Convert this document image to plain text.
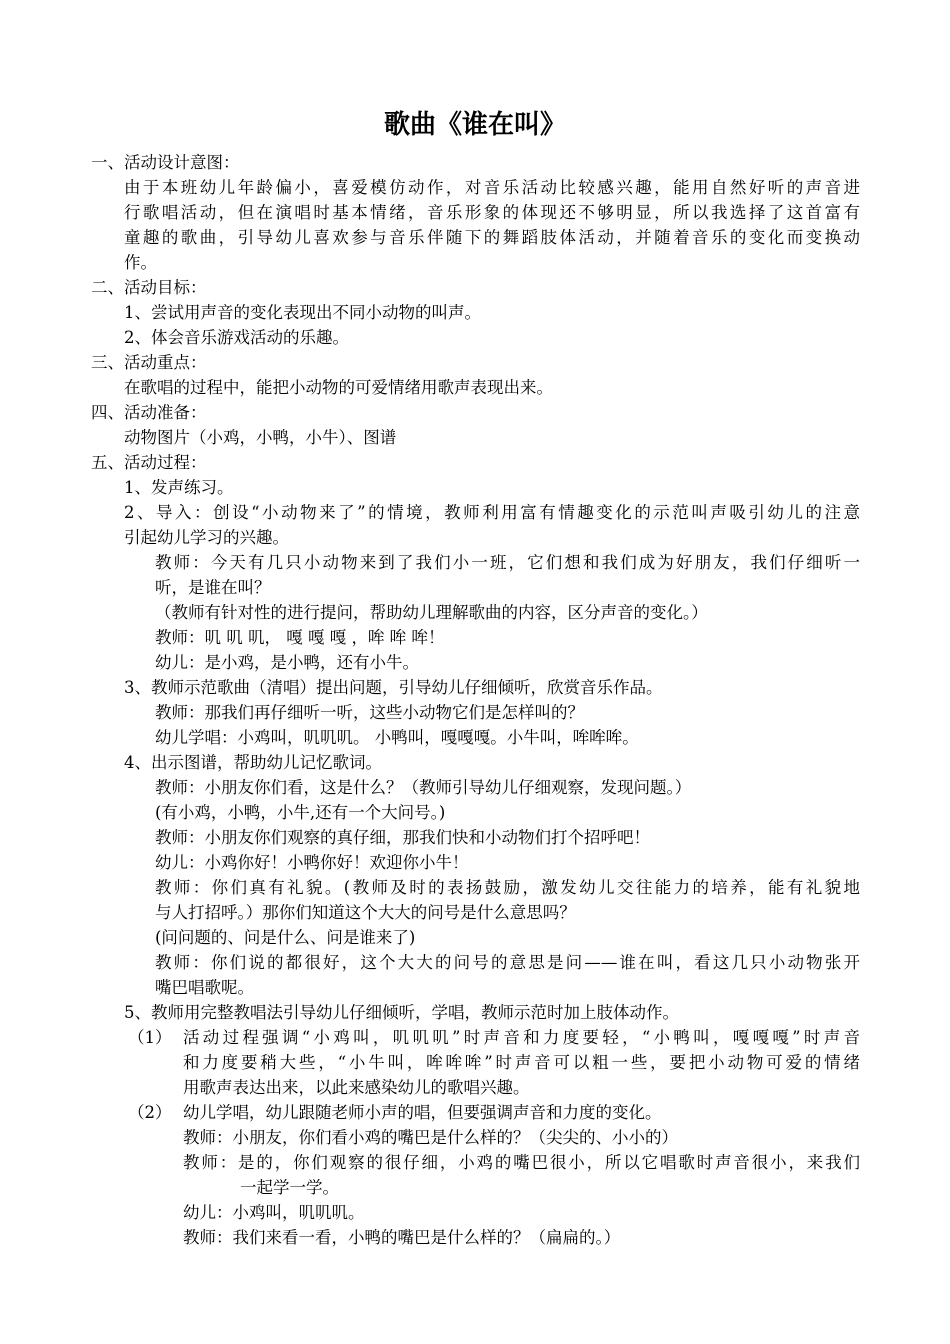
歌曲《谁在叫》
一、活动设计意图：
由于本班幼儿年龄偏小，喜爱模仿动作，对音乐活动比较感兴趣，能用自然好听的声音进
行歌唱活动，但在演唱时基本情绪，音乐形象的体现还不够明显，所以我选择了这首富有
童趣的歌曲，引导幼儿喜欢参与音乐伴随下的舞蹈肢体活动，并随着音乐的变化而变换动
作。
二、活动目标：
1、尝试用声音的变化表现出不同小动物的叫声。
2、体会音乐游戏活动的乐趣。
三、活动重点：
在歌唱的过程中，能把小动物的可爱情绪用歌声表现出来。
四、活动准备：
动物图片（小鸡，小鸭，小牛）、图谱
五、活动过程：
1、发声练习。
2、导入：创设“小动物来了”的情境，教师利用富有情趣变化的示范叫声吸引幼儿的注意
引起幼儿学习的兴趣。
教师：今天有几只小动物来到了我们小一班，它们想和我们成为好朋友，我们仔细听一
听，是谁在叫？
（教师有针对性的进行提问，帮助幼儿理解歌曲的内容，区分声音的变化。）
教师：叽 叽 叽， 嘎 嘎 嘎 ，哞 哞 哞！
幼儿：是小鸡，是小鸭，还有小牛。
3、教师示范歌曲（清唱）提出问题，引导幼儿仔细倾听，欣赏音乐作品。
教师：那我们再仔细听一听，这些小动物它们是怎样叫的？
幼儿学唱：小鸡叫，叽叽叽。 小鸭叫，嘎嘎嘎。小牛叫，哞哞哞。
4、出示图谱，帮助幼儿记忆歌词。
教师：小朋友你们看，这是什么？（教师引导幼儿仔细观察，发现问题。）
(有小鸡，小鸭，小牛,还有一个大问号。)
教师：小朋友你们观察的真仔细，那我们快和小动物们打个招呼吧！
幼儿：小鸡你好！小鸭你好！欢迎你小牛！
教师：你们真有礼貌。(教师及时的表扬鼓励，激发幼儿交往能力的培养，能有礼貌地
与人打招呼。）那你们知道这个大大的问号是什么意思吗？
(问问题的、问是什么、问是谁来了)
教师：你们说的都很好，这个大大的问号的意思是问——谁在叫，看这几只小动物张开
嘴巴唱歌呢。
5、教师用完整教唱法引导幼儿仔细倾听，学唱，教师示范时加上肢体动作。
（1） 活动过程强调“小鸡叫，叽叽叽”时声音和力度要轻，“小鸭叫，嘎嘎嘎”时声音
和力度要稍大些，“小牛叫，哞哞哞”时声音可以粗一些，要把小动物可爱的情绪
用歌声表达出来，以此来感染幼儿的歌唱兴趣。
（2） 幼儿学唱，幼儿跟随老师小声的唱，但要强调声音和力度的变化。
教师：小朋友，你们看小鸡的嘴巴是什么样的？（尖尖的、小小的）
教师：是的，你们观察的很仔细，小鸡的嘴巴很小，所以它唱歌时声音很小，来我们
一起学一学。
幼儿：小鸡叫，叽叽叽。
教师：我们来看一看，小鸭的嘴巴是什么样的？（扁扁的。）
